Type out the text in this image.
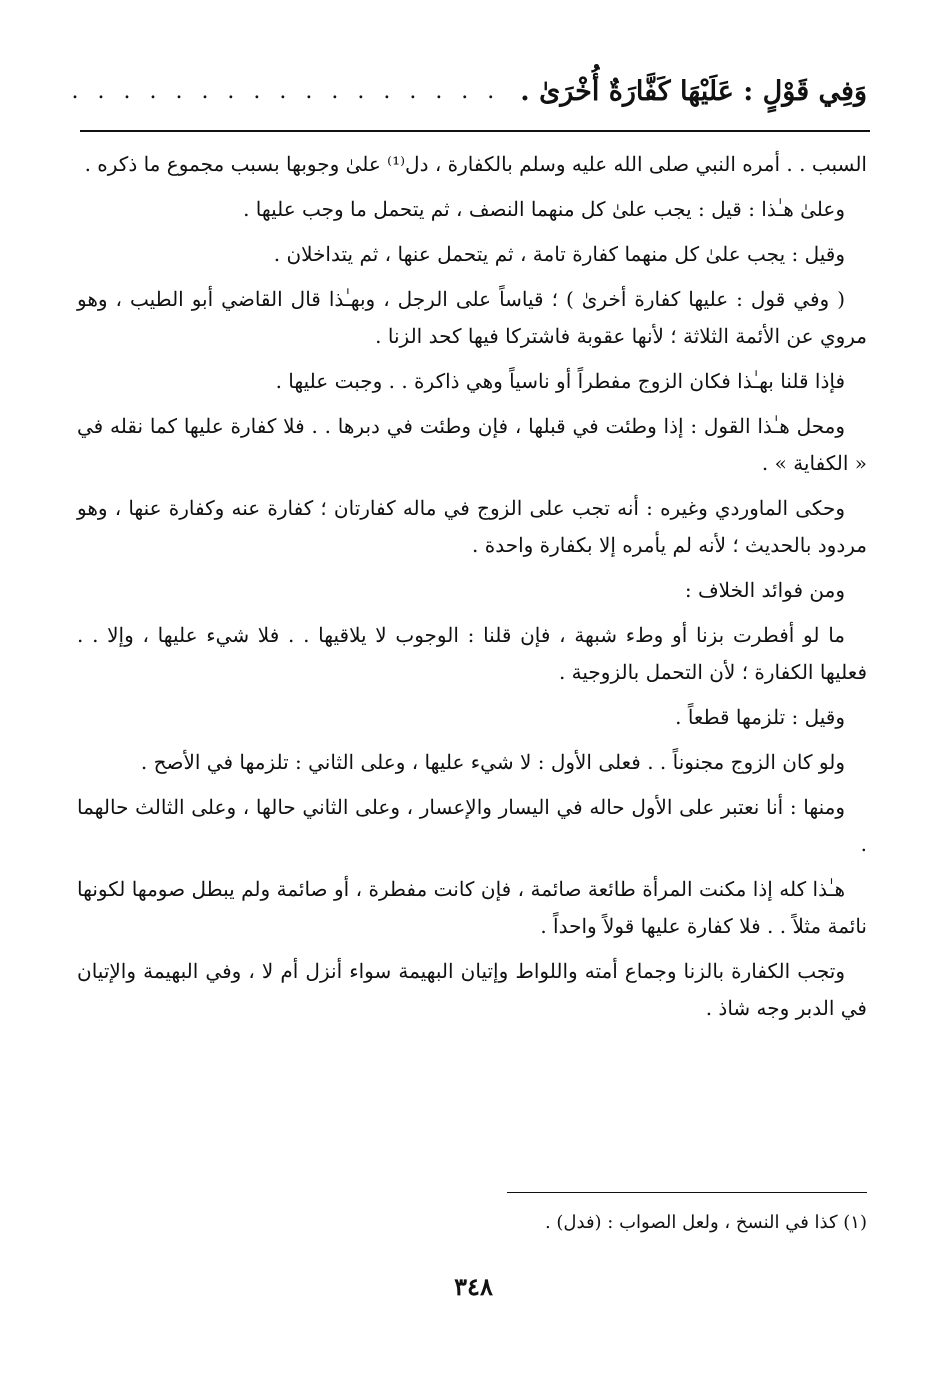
وَفِي قَوْلٍ : عَلَيْهَا كَفَّارَةٌ أُخْرَىٰ .
. . . . . . . . . . . . . . . . .

السبب . . أمره النبي صلى الله عليه وسلم بالكفارة ، دل⁽¹⁾ علىٰ وجوبها بسبب مجموع ما ذكره .

وعلىٰ هـٰذا : قيل : يجب علىٰ كل منهما النصف ، ثم يتحمل ما وجب عليها .

وقيل : يجب علىٰ كل منهما كفارة تامة ، ثم يتحمل عنها ، ثم يتداخلان .

( وفي قول : عليها كفارة أخرىٰ ) ؛ قياساً على الرجل ، وبهـٰذا قال القاضي أبو الطيب ، وهو مروي عن الأئمة الثلاثة ؛ لأنها عقوبة فاشتركا فيها كحد الزنا .

فإذا قلنا بهـٰذا فكان الزوج مفطراً أو ناسياً وهي ذاكرة . . وجبت عليها .

ومحل هـٰذا القول : إذا وطئت في قبلها ، فإن وطئت في دبرها . . فلا كفارة عليها كما نقله في « الكفاية » .

وحكى الماوردي وغيره : أنه تجب على الزوج في ماله كفارتان ؛ كفارة عنه وكفارة عنها ، وهو مردود بالحديث ؛ لأنه لم يأمره إلا بكفارة واحدة .

ومن فوائد الخلاف :

ما لو أفطرت بزنا أو وطء شبهة ، فإن قلنا : الوجوب لا يلاقيها . . فلا شيء عليها ، وإلا . . فعليها الكفارة ؛ لأن التحمل بالزوجية .

وقيل : تلزمها قطعاً .

ولو كان الزوج مجنوناً . . فعلى الأول : لا شيء عليها ، وعلى الثاني : تلزمها في الأصح .

ومنها : أنا نعتبر على الأول حاله في اليسار والإعسار ، وعلى الثاني حالها ، وعلى الثالث حالهما .

هـٰذا كله إذا مكنت المرأة طائعة صائمة ، فإن كانت مفطرة ، أو صائمة ولم يبطل صومها لكونها نائمة مثلاً . . فلا كفارة عليها قولاً واحداً .

وتجب الكفارة بالزنا وجماع أمته واللواط وإتيان البهيمة سواء أنزل أم لا ، وفي البهيمة والإتيان في الدبر وجه شاذ .

(١) كذا في النسخ ، ولعل الصواب : (فدل) .
٣٤٨
